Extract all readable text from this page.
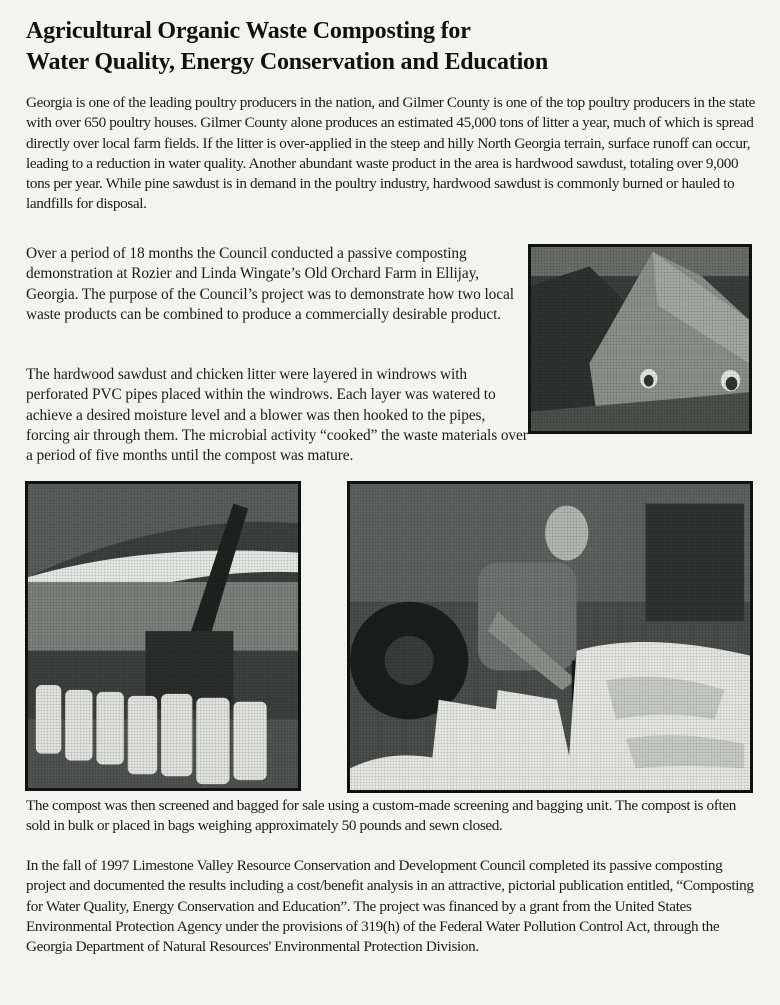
Agricultural Organic Waste Composting for
Water Quality, Energy Conservation and Education

Georgia is one of the leading poultry producers in the nation, and Gilmer County is one of the top poultry producers in the state with over 650 poultry houses. Gilmer County alone produces an estimated 45,000 tons of litter a year, much of which is spread directly over local farm fields. If the litter is over-applied in the steep and hilly North Georgia terrain, surface runoff can occur, leading to a reduction in water quality. Another abundant waste product in the area is hardwood sawdust, totaling over 9,000 tons per year. While pine sawdust is in demand in the poultry industry, hardwood sawdust is commonly burned or hauled to landfills for disposal.

Over a period of 18 months the Council conducted a passive composting demonstration at Rozier and Linda Wingate’s Old Orchard Farm in Ellijay, Georgia. The purpose of the Council’s project was to demonstrate how two local waste products can be combined to produce a commercially desirable product.

The hardwood sawdust and chicken litter were layered in windrows with perforated PVC pipes placed within the windrows. Each layer was watered to achieve a desired moisture level and a blower was then hooked to the pipes, forcing air through them. The microbial activity “cooked” the waste materials over a period of five months until the compost was mature.

The compost was then screened and bagged for sale using a custom-made screening and bagging unit. The compost is often sold in bulk or placed in bags weighing approximately 50 pounds and sewn closed.

In the fall of 1997 Limestone Valley Resource Conservation and Development Council completed its passive composting project and documented the results including a cost/benefit analysis in an attractive, pictorial publication entitled, “Composting for Water Quality, Energy Conservation and Education”. The project was financed by a grant from the United States Environmental Protection Agency under the provisions of 319(h) of the Federal Water Pollution Control Act, through the Georgia Department of Natural Resources' Environmental Protection Division.
